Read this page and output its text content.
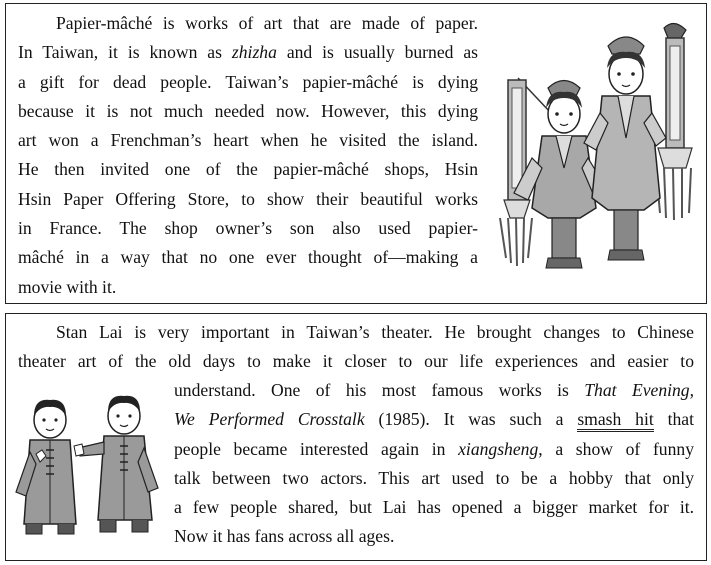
Papier-mâché is works of art that are made of paper.
In Taiwan, it is known as zhizha and is usually burned as
a gift for dead people. Taiwan’s papier-mâché is dying
because it is not much needed now. However, this dying
art won a Frenchman’s heart when he visited the island.
He then invited one of the papier-mâché shops, Hsin
Hsin Paper Offering Store, to show their beautiful works
in France. The shop owner’s son also used papier-
mâché in a way that no one ever thought of—making a
movie with it.
Stan Lai is very important in Taiwan’s theater. He brought changes to Chinese
theater art of the old days to make it closer to our life experiences and easier to
understand. One of his most famous works is That Evening,
We Performed Crosstalk (1985). It was such a smash hit that
people became interested again in xiangsheng, a show of funny
talk between two actors. This art used to be a hobby that only
a few people shared, but Lai has opened a bigger market for it.
Now it has fans across all ages.
